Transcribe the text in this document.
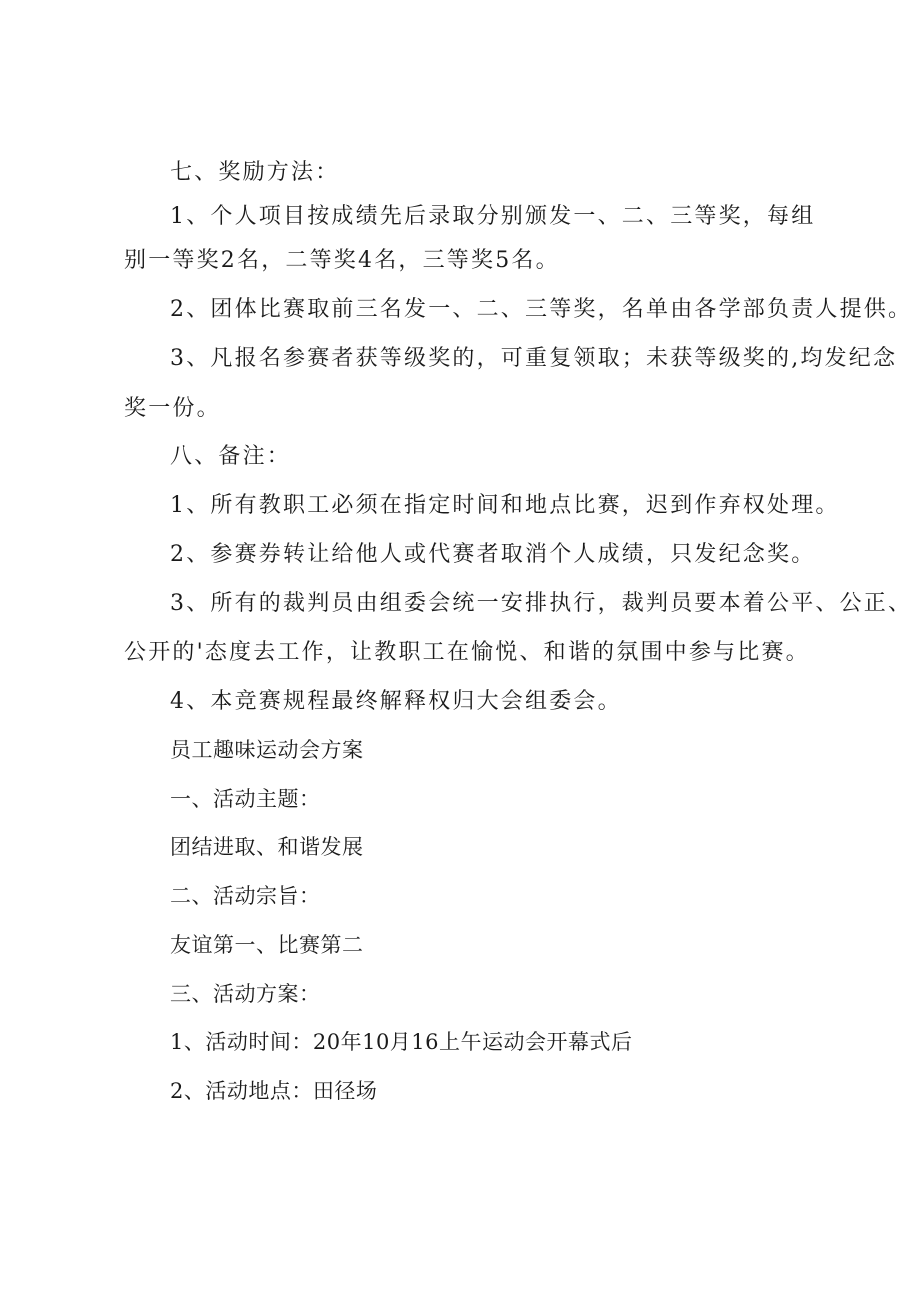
七、奖励方法：
1、个人项目按成绩先后录取分别颁发一、二、三等奖，每组
别一等奖2名，二等奖4名，三等奖5名。
2、团体比赛取前三名发一、二、三等奖，名单由各学部负责人提供。
3、凡报名参赛者获等级奖的，可重复领取；未获等级奖的,均发纪念
奖一份。
八、备注：
1、所有教职工必须在指定时间和地点比赛，迟到作弃权处理。
2、参赛券转让给他人或代赛者取消个人成绩，只发纪念奖。
3、所有的裁判员由组委会统一安排执行，裁判员要本着公平、公正、
公开的'态度去工作，让教职工在愉悦、和谐的氛围中参与比赛。
4、本竞赛规程最终解释权归大会组委会。
员工趣味运动会方案
一、活动主题：
团结进取、和谐发展
二、活动宗旨：
友谊第一、比赛第二
三、活动方案：
1、活动时间：20年10月16上午运动会开幕式后
2、活动地点：田径场
